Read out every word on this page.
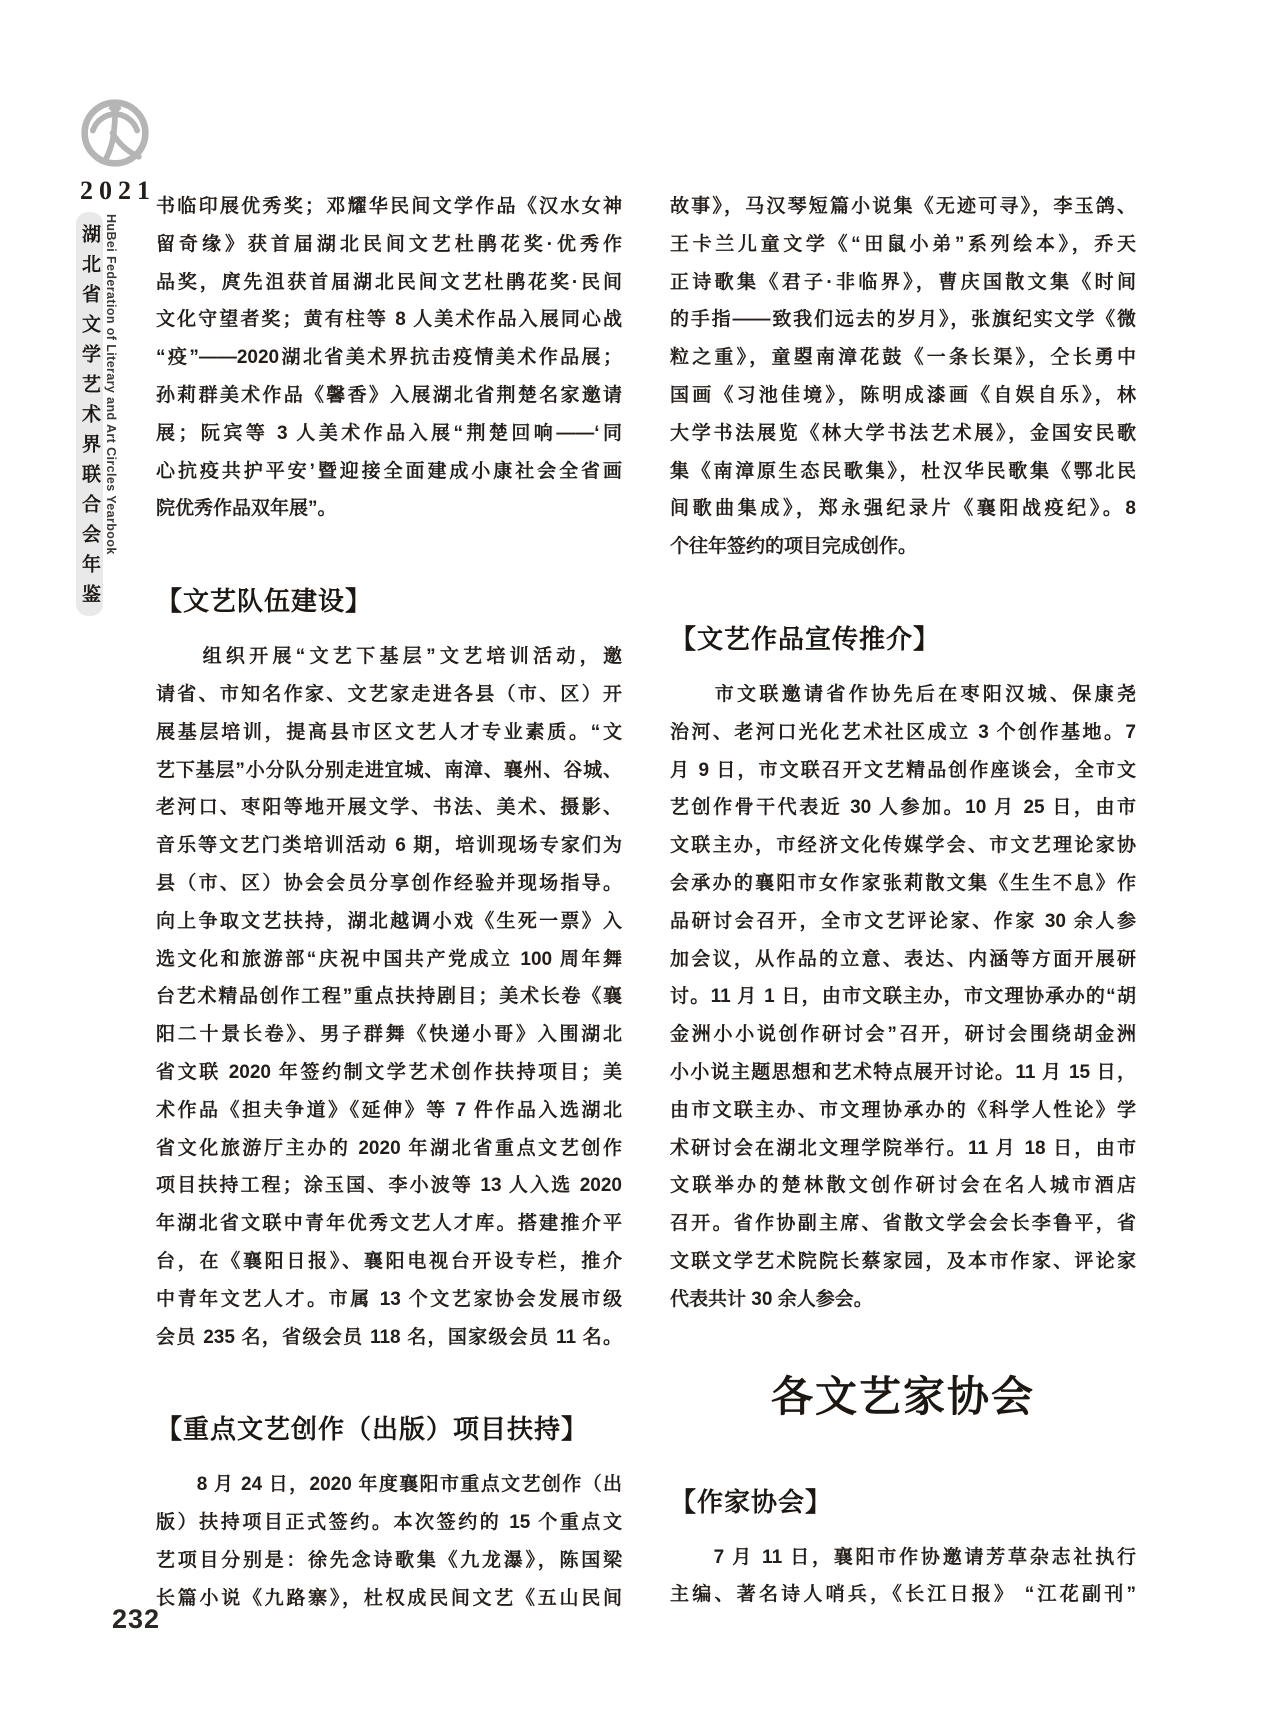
2021
湖北省文学艺术界联合会年鉴 HuBei Federation of Literary and Art Circles Yearbook
书临印展优秀奖；邓耀华民间文学作品《汉水女神
留奇缘》获首届湖北民间文艺杜鹃花奖·优秀作
品奖，庹先沮获首届湖北民间文艺杜鹃花奖·民间
文化守望者奖；黄有柱等 8 人美术作品入展同心战
“疫”——2020湖北省美术界抗击疫情美术作品展；
孙莉群美术作品《馨香》入展湖北省荆楚名家邀请
展；阮宾等 3 人美术作品入展“荆楚回响——‘同
心抗疫共护平安’暨迎接全面建成小康社会全省画
院优秀作品双年展”。
【文艺队伍建设】
　　组织开展“文艺下基层”文艺培训活动，邀
请省、市知名作家、文艺家走进各县（市、区）开
展基层培训，提高县市区文艺人才专业素质。“文
艺下基层”小分队分别走进宜城、南漳、襄州、谷城、
老河口、枣阳等地开展文学、书法、美术、摄影、
音乐等文艺门类培训活动 6 期，培训现场专家们为
县（市、区）协会会员分享创作经验并现场指导。
向上争取文艺扶持，湖北越调小戏《生死一票》入
选文化和旅游部“庆祝中国共产党成立 100 周年舞
台艺术精品创作工程”重点扶持剧目；美术长卷《襄
阳二十景长卷》、男子群舞《快递小哥》入围湖北
省文联 2020 年签约制文学艺术创作扶持项目；美
术作品《担夫争道》《延伸》等 7 件作品入选湖北
省文化旅游厅主办的 2020 年湖北省重点文艺创作
项目扶持工程；涂玉国、李小波等 13 人入选 2020
年湖北省文联中青年优秀文艺人才库。搭建推介平
台，在《襄阳日报》、襄阳电视台开设专栏，推介
中青年文艺人才。市属 13 个文艺家协会发展市级
会员 235 名，省级会员 118 名，国家级会员 11 名。
【重点文艺创作（出版）项目扶持】
　　8 月 24 日，2020 年度襄阳市重点文艺创作（出
版）扶持项目正式签约。本次签约的 15 个重点文
艺项目分别是：徐先念诗歌集《九龙瀑》，陈国梁
长篇小说《九路寨》，杜权成民间文艺《五山民间
故事》，马汉琴短篇小说集《无迹可寻》，李玉鸽、
王卡兰儿童文学《“田鼠小弟”系列绘本》，乔天
正诗歌集《君子·非临界》，曹庆国散文集《时间
的手指——致我们远去的岁月》，张旗纪实文学《微
粒之重》，童曌南漳花鼓《一条长渠》，仝长勇中
国画《习池佳境》，陈明成漆画《自娱自乐》，林
大学书法展览《林大学书法艺术展》，金国安民歌
集《南漳原生态民歌集》，杜汉华民歌集《鄂北民
间歌曲集成》，郑永强纪录片《襄阳战疫纪》。8
个往年签约的项目完成创作。
【文艺作品宣传推介】
　　市文联邀请省作协先后在枣阳汉城、保康尧
治河、老河口光化艺术社区成立 3 个创作基地。7
月 9 日，市文联召开文艺精品创作座谈会，全市文
艺创作骨干代表近 30 人参加。10 月 25 日，由市
文联主办，市经济文化传媒学会、市文艺理论家协
会承办的襄阳市女作家张莉散文集《生生不息》作
品研讨会召开，全市文艺评论家、作家 30 余人参
加会议，从作品的立意、表达、内涵等方面开展研
讨。11 月 1 日，由市文联主办，市文理协承办的“胡
金洲小小说创作研讨会”召开，研讨会围绕胡金洲
小小说主题思想和艺术特点展开讨论。11 月 15 日，
由市文联主办、市文理协承办的《科学人性论》学
术研讨会在湖北文理学院举行。11 月 18 日，由市
文联举办的楚林散文创作研讨会在名人城市酒店
召开。省作协副主席、省散文学会会长李鲁平，省
文联文学艺术院院长蔡家园，及本市作家、评论家
代表共计 30 余人参会。
各文艺家协会
【作家协会】
　　7 月 11 日，襄阳市作协邀请芳草杂志社执行
主编、著名诗人哨兵，《长江日报》 “江花副刊”
232
